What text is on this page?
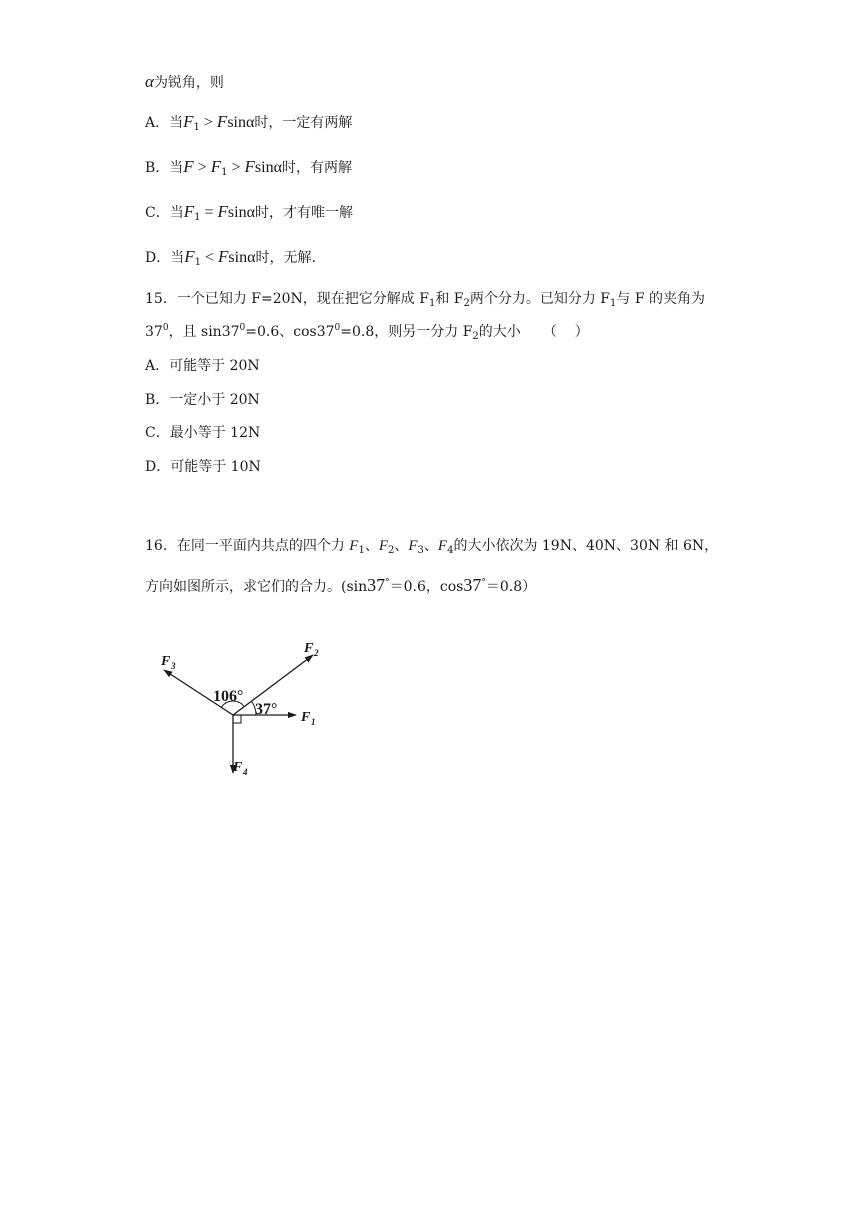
α为锐角，则
A．当$F_1 > Fsin\alpha$时，一定有两解
B．当$F > F_1 > Fsin\alpha$时，有两解
C．当$F_1 = Fsin\alpha$时，才有唯一解
D．当$F_1 < Fsin\alpha$时，无解.
15．一个已知力 F=20N，现在把它分解成 $F_1$和 $F_2$两个分力。已知分力 $F_1$与 F 的夹角为
$37^0$，且 $\sin 37^0=0.6$、$\cos 37^0=0.8$，则另一分力 $F_2$的大小 （ ）
A．可能等于 20N
B．一定小于 20N
C．最小等于 12N
D．可能等于 10N
16．在同一平面内共点的四个力 $F_1$、$F_2$、$F_3$、$F_4$的大小依次为 19N、40N、30N 和 6N，
方向如图所示，求它们的合力。(sin37°＝0.6，cos37°＝0.8）
F 1
F 2
F 3
F 4
106°
37°
